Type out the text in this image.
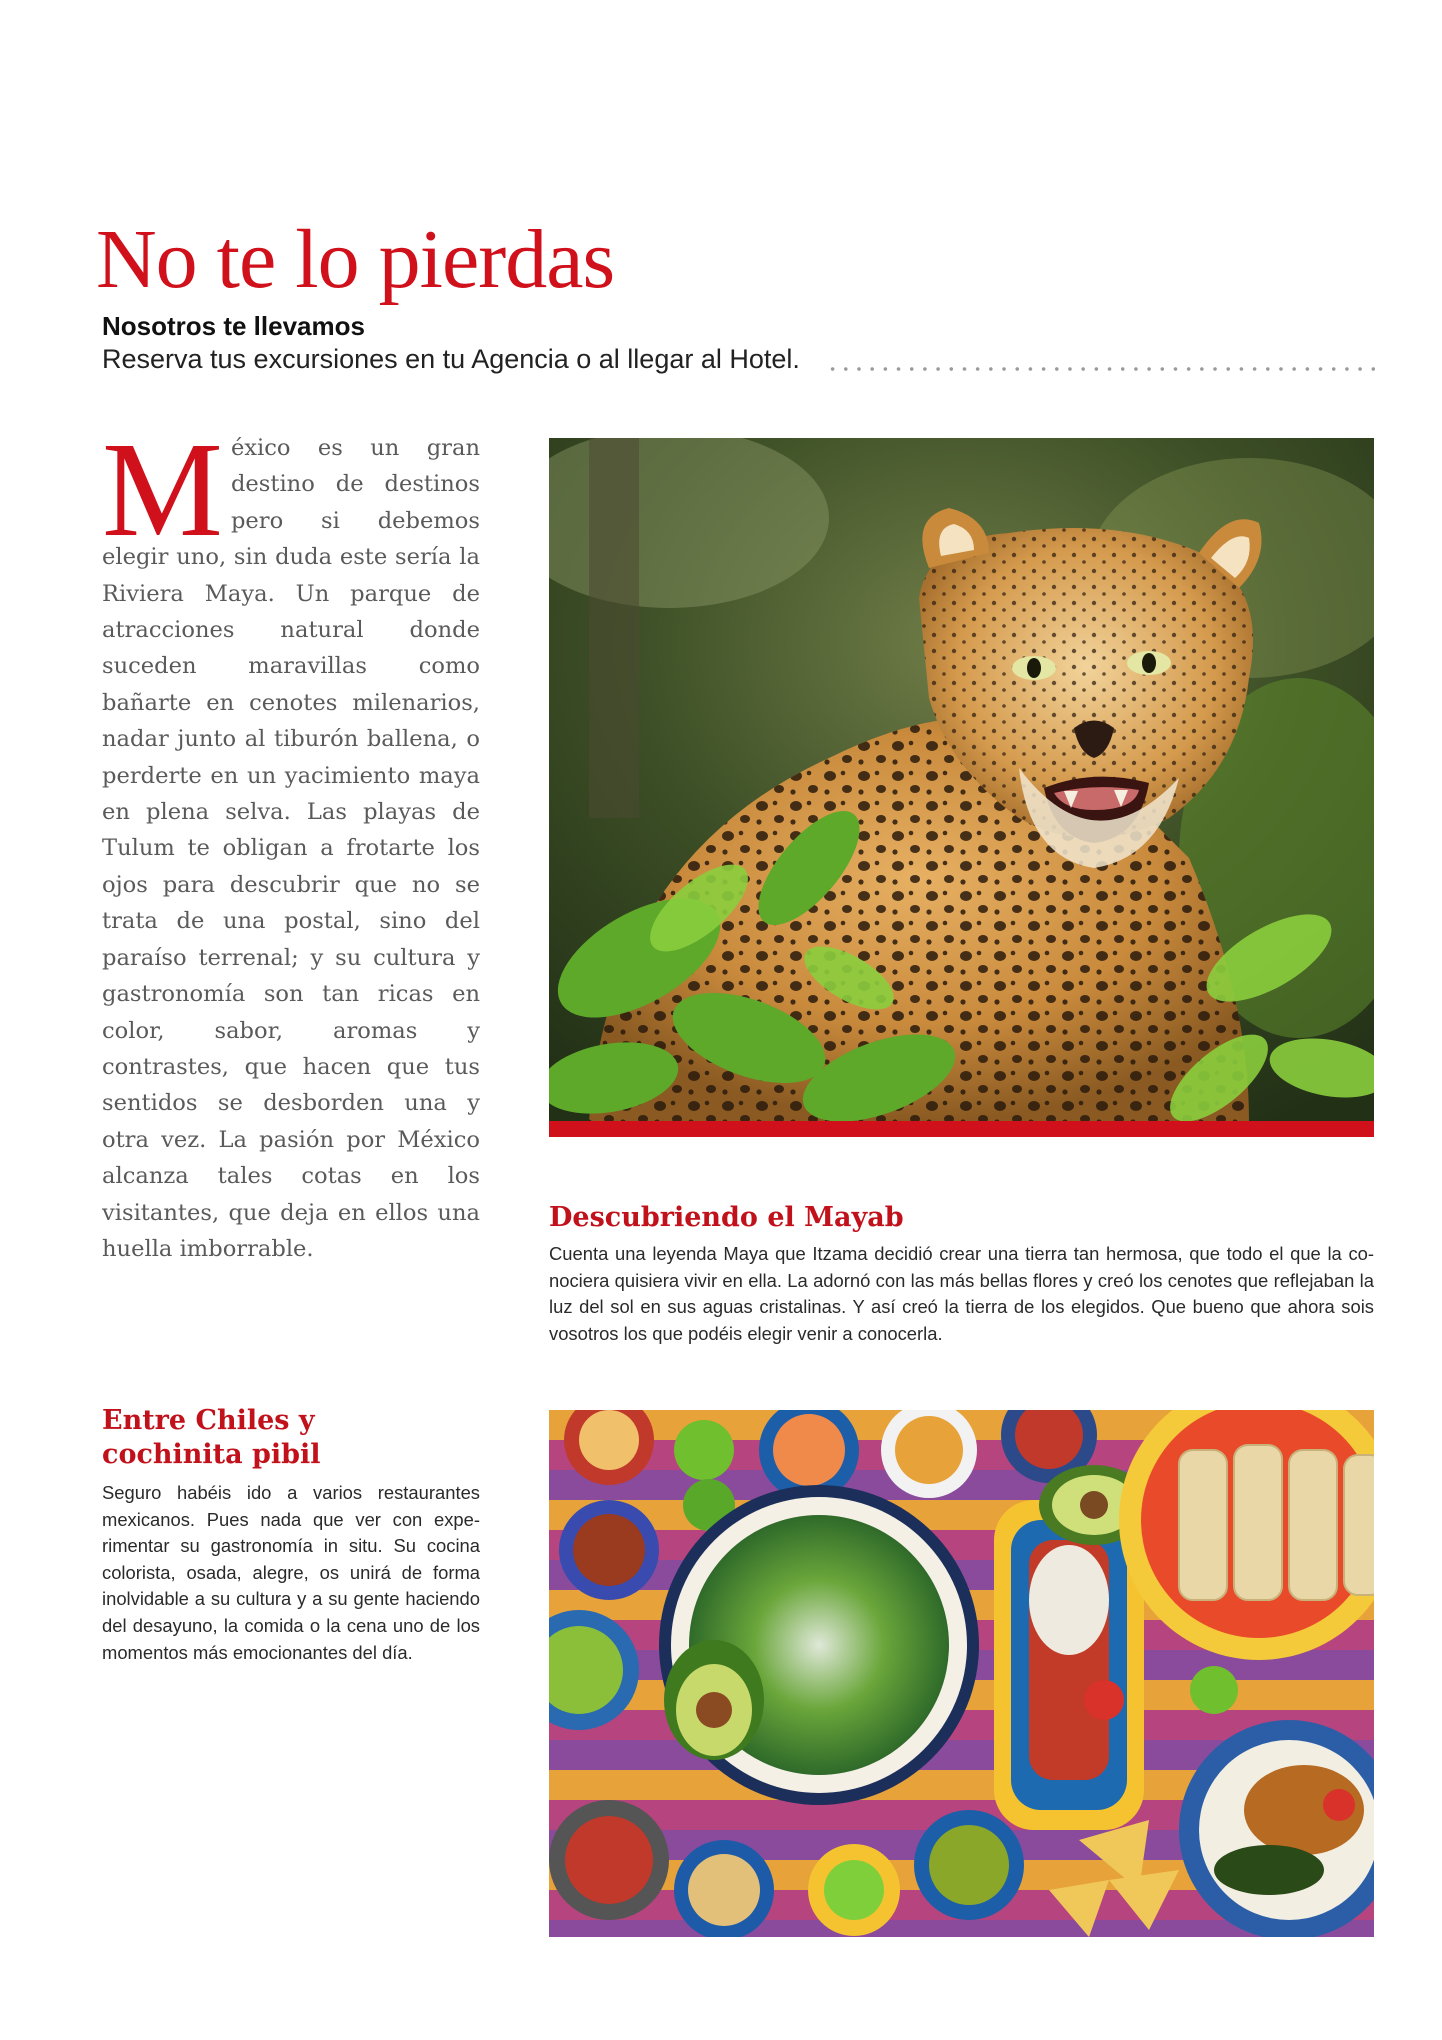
No te lo pierdas
Nosotros te llevamos
Reserva tus excursiones en tu Agencia o al llegar al Hotel.
M éxico es un gran destino de destinos pero si debemos elegir uno, sin duda este sería la Riviera Maya. Un parque de atracciones natural donde suceden maravillas como bañarte en cenotes milenarios, nadar junto al tiburón ballena, o perderte en un yacimiento maya en plena selva. Las playas de Tulum te obligan a frotarte los ojos para descubrir que no se trata de una postal, sino del paraíso terrenal; y su cultura y gastronomía son tan ricas en color, sabor, aromas y contrastes, que hacen que tus sentidos se desborden una y otra vez. La pasión por México alcanza tales cotas en los visitantes, que deja en ellos una huella imborrable.
Descubriendo el Mayab
Cuenta una leyenda Maya que Itzama decidió crear una tierra tan hermosa, que todo el que la conociera quisiera vivir en ella. La adornó con las más bellas flores y creó los cenotes que reflejaban la luz del sol en sus aguas cristalinas. Y así creó la tierra de los elegidos. Que bueno que ahora sois vosotros los que podéis elegir venir a conocerla.
Entre Chiles y
cochinita pibil
Seguro habéis ido a varios restaurantes mexicanos. Pues nada que ver con experimentar su gastronomía in situ. Su cocina colorista, osada, alegre, os unirá de forma inolvidable a su cultura y a su gente haciendo del desayuno, la comida o la cena uno de los momentos más emocionantes del día.
